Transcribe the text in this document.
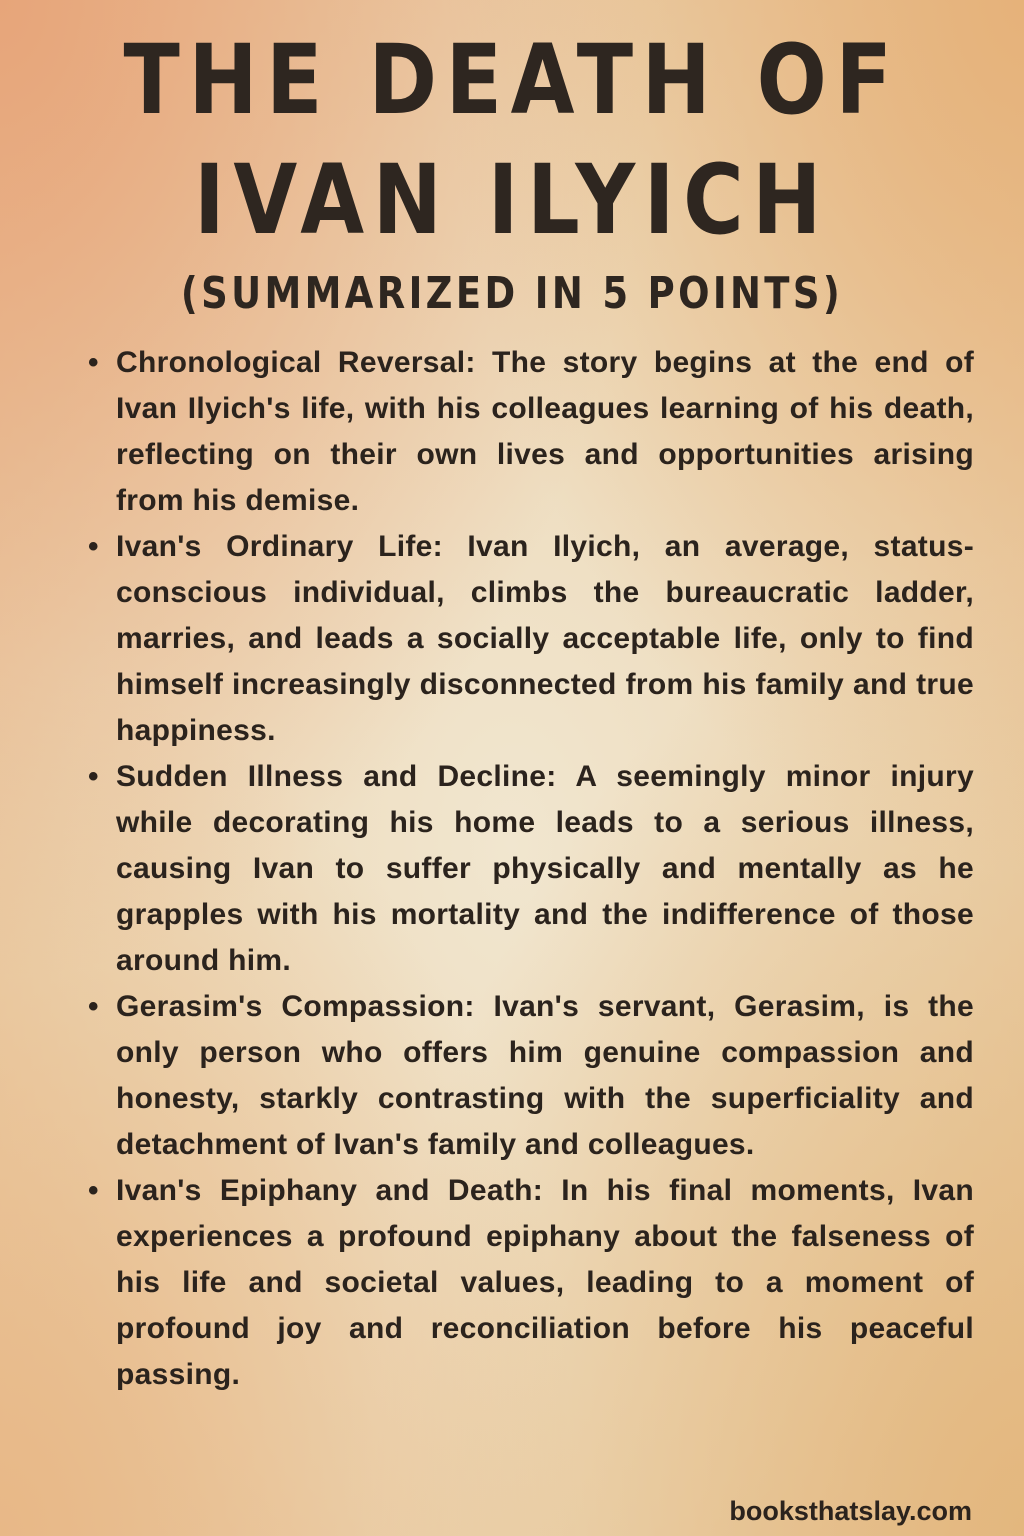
THE DEATH OF
IVAN ILYICH
(SUMMARIZED IN 5 POINTS)
• Chronological Reversal: The story begins at the end of Ivan Ilyich's life, with his colleagues learning of his death, reflecting on their own lives and opportunities arising from his demise.
• Ivan's Ordinary Life: Ivan Ilyich, an average, status-conscious individual, climbs the bureaucratic ladder, marries, and leads a socially acceptable life, only to find himself increasingly disconnected from his family and true happiness.
• Sudden Illness and Decline: A seemingly minor injury while decorating his home leads to a serious illness, causing Ivan to suffer physically and mentally as he grapples with his mortality and the indifference of those around him.
• Gerasim's Compassion: Ivan's servant, Gerasim, is the only person who offers him genuine compassion and honesty, starkly contrasting with the superficiality and detachment of Ivan's family and colleagues.
• Ivan's Epiphany and Death: In his final moments, Ivan experiences a profound epiphany about the falseness of his life and societal values, leading to a moment of profound joy and reconciliation before his peaceful passing.
booksthatslay.com
